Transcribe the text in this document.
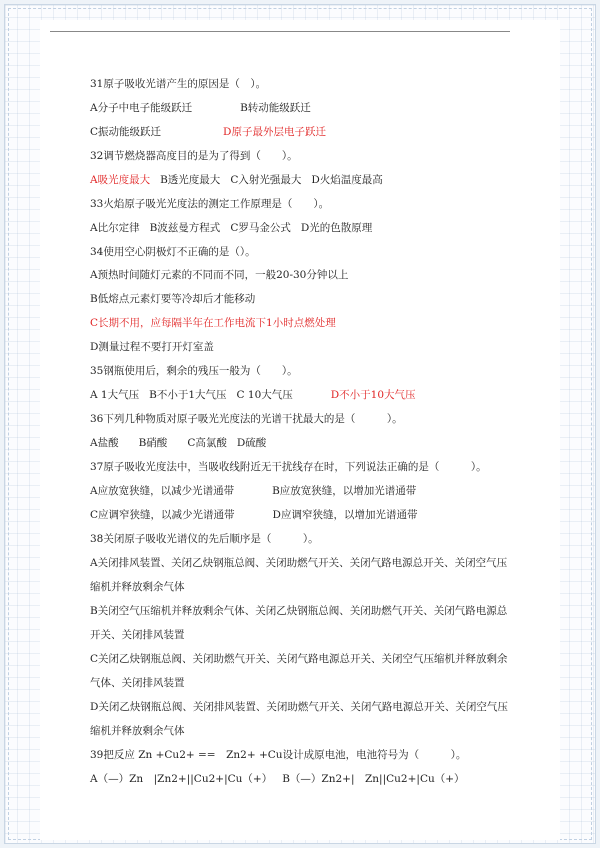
31原子吸收光谱产生的原因是（　）。
A分子中电子能级跃迁	B转动能级跃迁
C振动能级跃迁	D原子最外层电子跃迁
32调节燃烧器高度目的是为了得到（　　）。
A吸光度最大 B透光度最大 C入射光强最大 D火焰温度最高
33火焰原子吸光光度法的测定工作原理是（　　）。
A比尔定律 B波兹曼方程式 C罗马金公式 D光的色散原理
34使用空心阴极灯不正确的是（）。
A预热时间随灯元素的不同而不同，一般20-30分钟以上
B低熔点元素灯要等冷却后才能移动
C长期不用，应每隔半年在工作电流下1小时点燃处理
D测量过程不要打开灯室盖
35钢瓶使用后，剩余的残压一般为（　　）。
A 1大气压 B不小于1大气压 C 10大气压	D不小于10大气压
36下列几种物质对原子吸光光度法的光谱干扰最大的是（　　　）。
A盐酸 B硝酸 C高氯酸 D硫酸
37原子吸收光度法中，当吸收线附近无干扰线存在时，下列说法正确的是（　　　）。
A应放宽狭缝，以减少光谱通带	B应放宽狭缝，以增加光谱通带
C应调窄狭缝，以减少光谱通带	D应调窄狭缝，以增加光谱通带
38关闭原子吸收光谱仪的先后顺序是（　　　）。
A关闭排风装置、关闭乙炔钢瓶总阀、关闭助燃气开关、关闭气路电源总开关、关闭空气压
缩机并释放剩余气体
B关闭空气压缩机并释放剩余气体、关闭乙炔钢瓶总阀、关闭助燃气开关、关闭气路电源总
开关、关闭排风装置
C关闭乙炔钢瓶总阀、关闭助燃气开关、关闭气路电源总开关、关闭空气压缩机并释放剩余
气体、关闭排风装置
D关闭乙炔钢瓶总阀、关闭排风装置、关闭助燃气开关、关闭气路电源总开关、关闭空气压
缩机并释放剩余气体
39把反应 Zn +Cu2+ ==　Zn2+ +Cu设计成原电池，电池符号为（　　　）。
A（—）Zn　|Zn2+||Cu2+|Cu（+） B（—）Zn2+|　Zn||Cu2+|Cu（+）
